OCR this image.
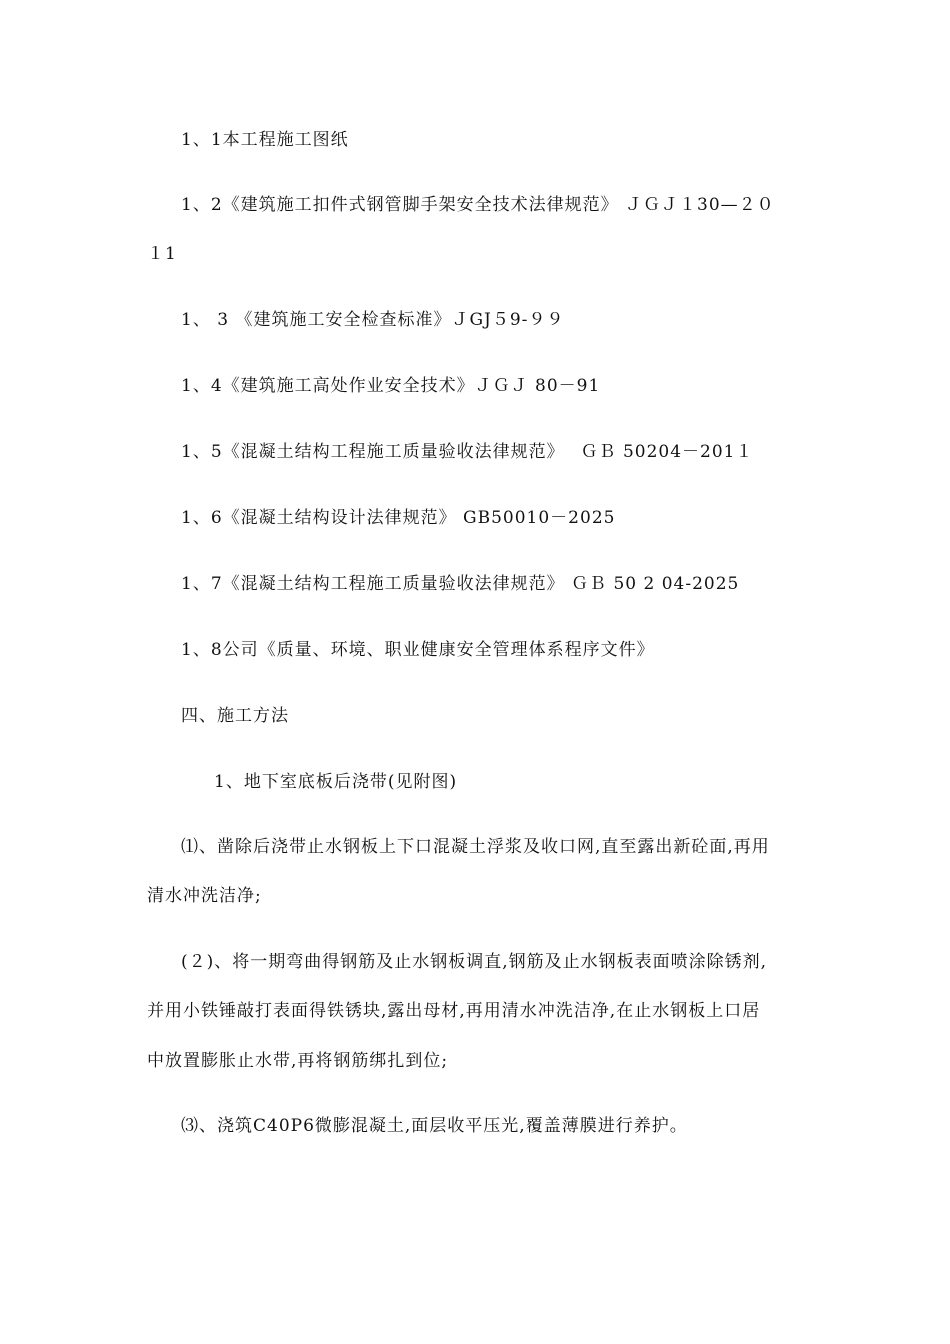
1、1本工程施工图纸
1、2《建筑施工扣件式钢管脚手架安全技术法律规范》 ＪＧＪ１30—２０
１1
1、 3 《建筑施工安全检查标准》ＪGJ５9-９９
1、4《建筑施工高处作业安全技术》ＪＧＪ 80－91
1、5《混凝土结构工程施工质量验收法律规范》　 ＧＢ 50204－201１
1、6《混凝土结构设计法律规范》 GB50010－2025
1、7《混凝土结构工程施工质量验收法律规范》 ＧＢ 50 2 04-2025
1、8公司《质量、环境、职业健康安全管理体系程序文件》
四、施工方法
1、地下室底板后浇带(见附图)
⑴、凿除后浇带止水钢板上下口混凝土浮浆及收口网,直至露出新砼面,再用
清水冲洗洁净;
(２)、将一期弯曲得钢筋及止水钢板调直,钢筋及止水钢板表面喷涂除锈剂,
并用小铁锤敲打表面得铁锈块,露出母材,再用清水冲洗洁净,在止水钢板上口居
中放置膨胀止水带,再将钢筋绑扎到位;
⑶、浇筑C40P6微膨混凝土,面层收平压光,覆盖薄膜进行养护。
